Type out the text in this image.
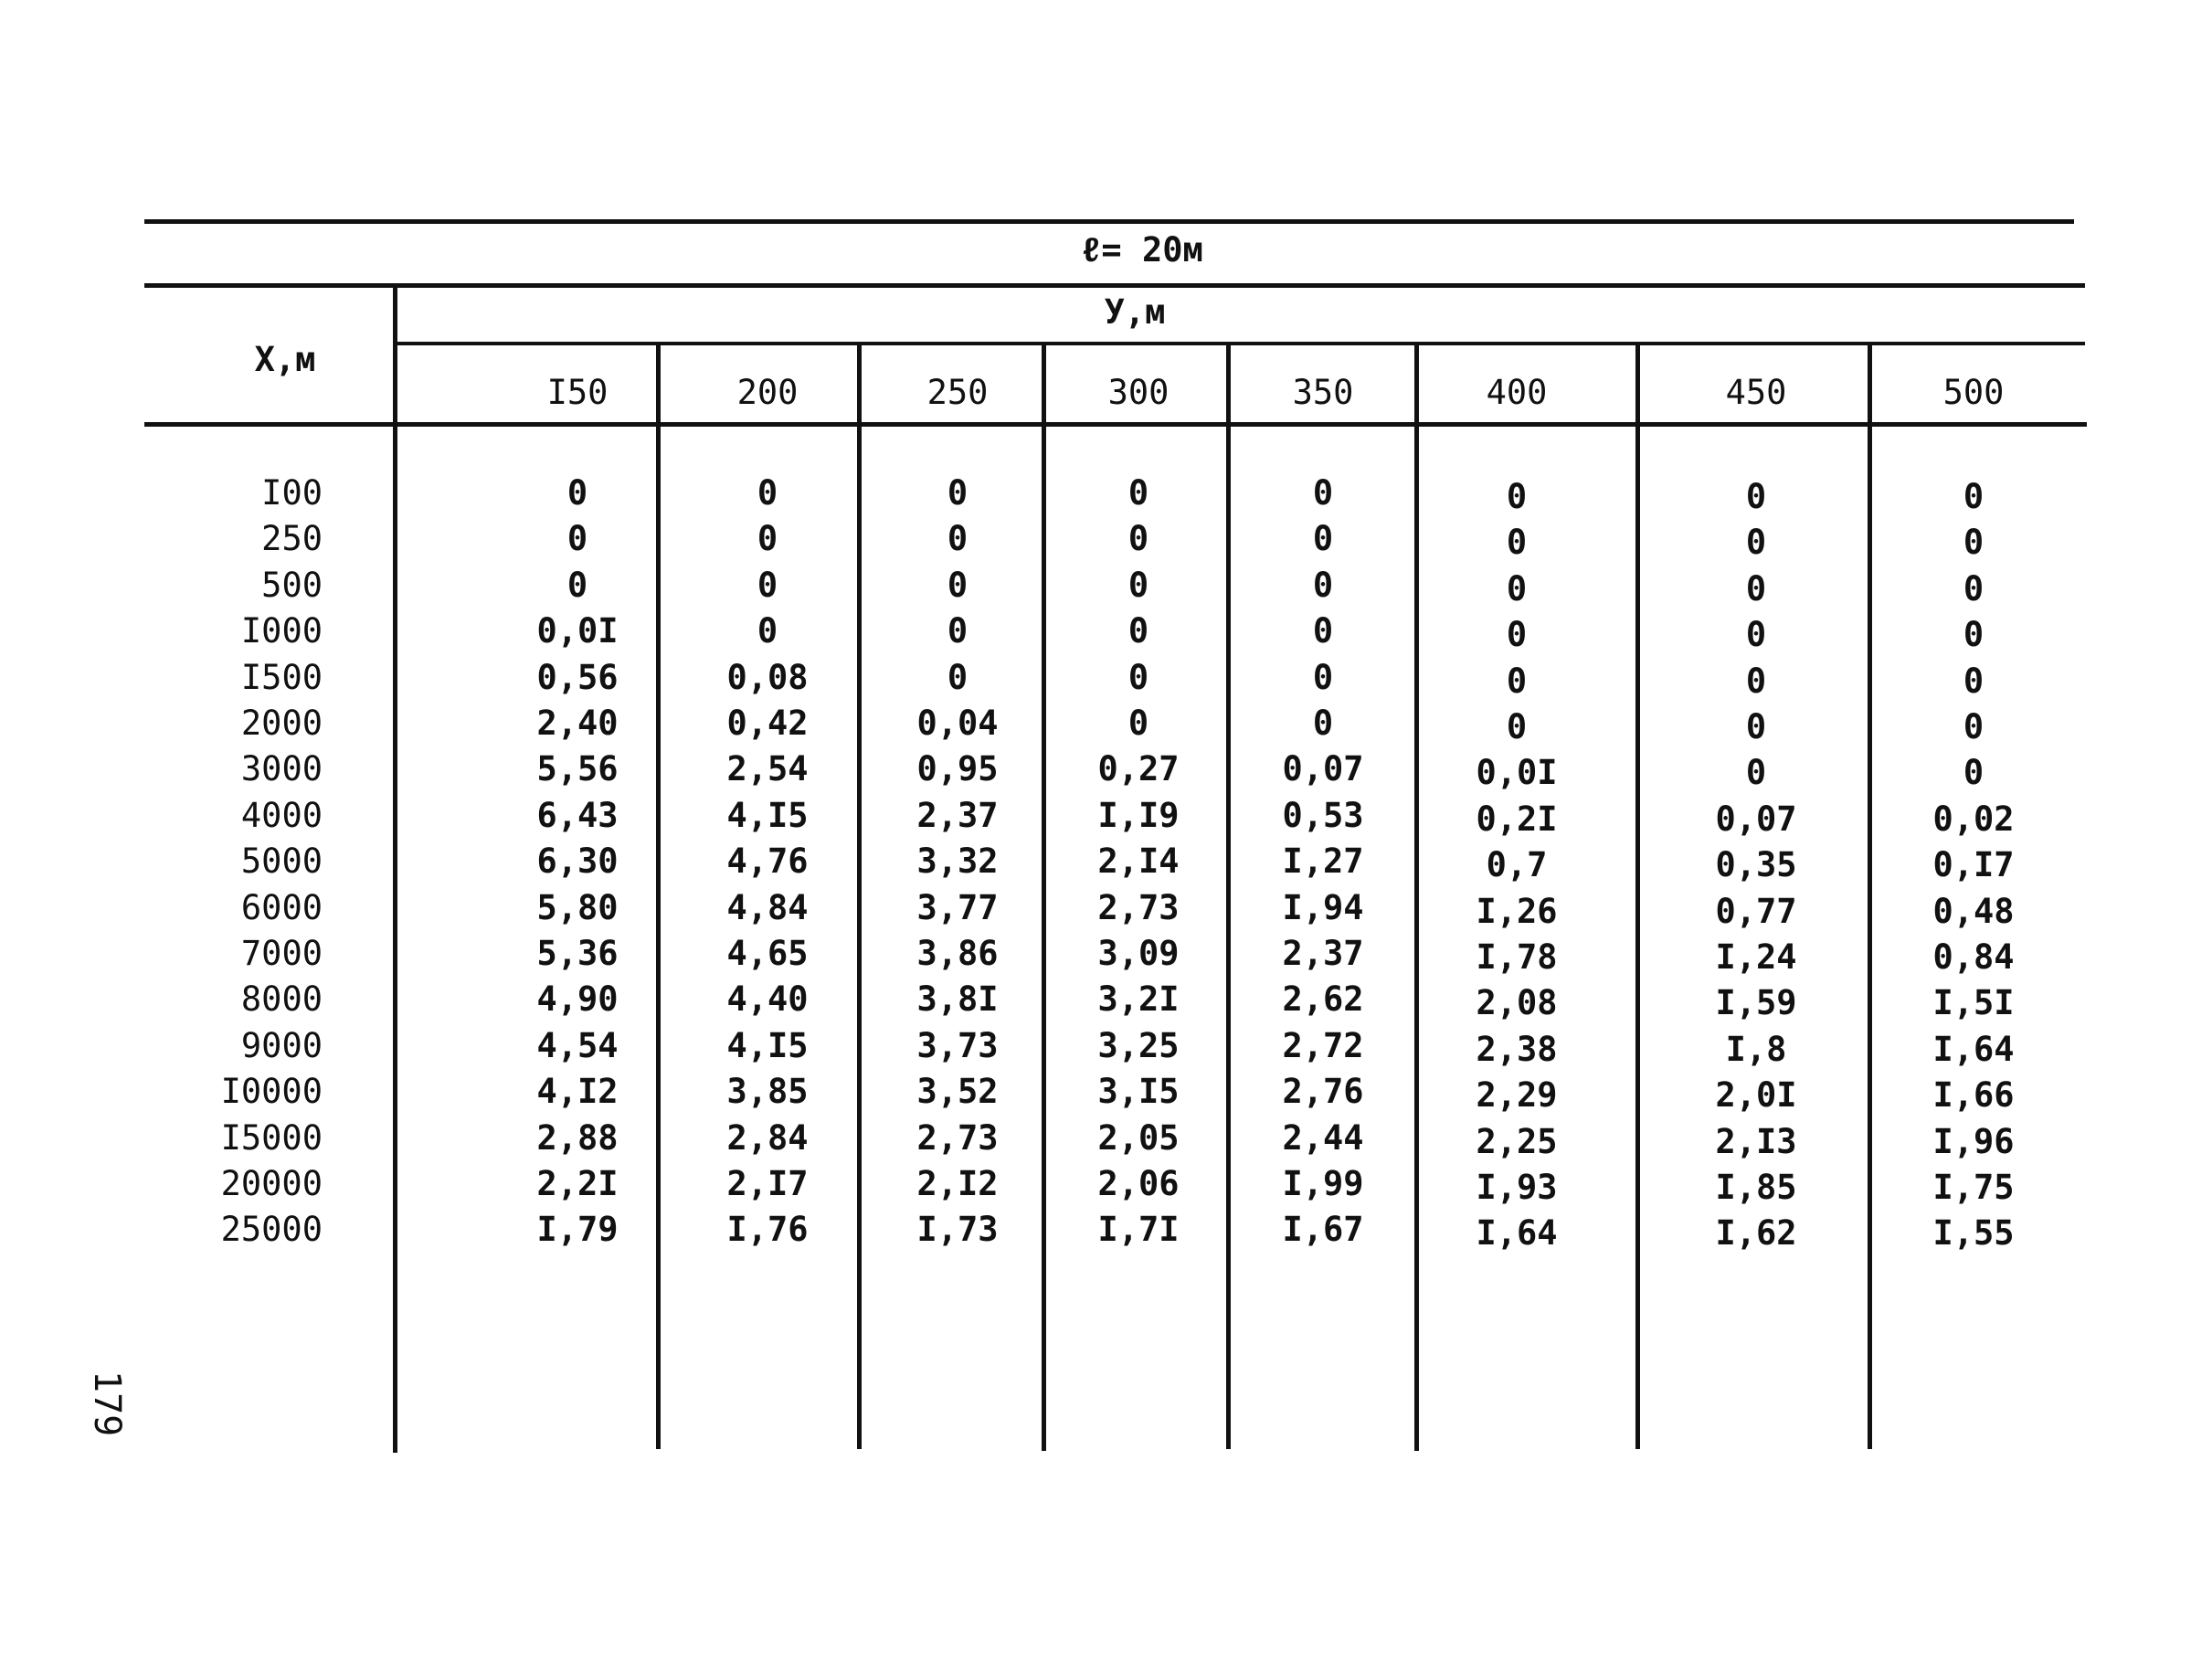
ℓ= 20м
X,м
У,м
I50	200	250	300	350	400	450	500
I00	0	0	0	0	0	0	0	0
250	0	0	0	0	0	0	0	0
500	0	0	0	0	0	0	0	0
I000	0,0I	0	0	0	0	0	0	0
I500	0,56	0,08	0	0	0	0	0	0
2000	2,40	0,42	0,04	0	0	0	0	0
3000	5,56	2,54	0,95	0,27	0,07	0,0I	0	0
4000	6,43	4,I5	2,37	I,I9	0,53	0,2I	0,07	0,02
5000	6,30	4,76	3,32	2,I4	I,27	0,7	0,35	0,I7
6000	5,80	4,84	3,77	2,73	I,94	I,26	0,77	0,48
7000	5,36	4,65	3,86	3,09	2,37	I,78	I,24	0,84
8000	4,90	4,40	3,8I	3,2I	2,62	2,08	I,59	I,5I
9000	4,54	4,I5	3,73	3,25	2,72	2,38	I,8	I,64
I0000	4,I2	3,85	3,52	3,I5	2,76	2,29	2,0I	I,66
I5000	2,88	2,84	2,73	2,05	2,44	2,25	2,I3	I,96
20000	2,2I	2,I7	2,I2	2,06	I,99	I,93	I,85	I,75
25000	I,79	I,76	I,73	I,7I	I,67	I,64	I,62	I,55
179
